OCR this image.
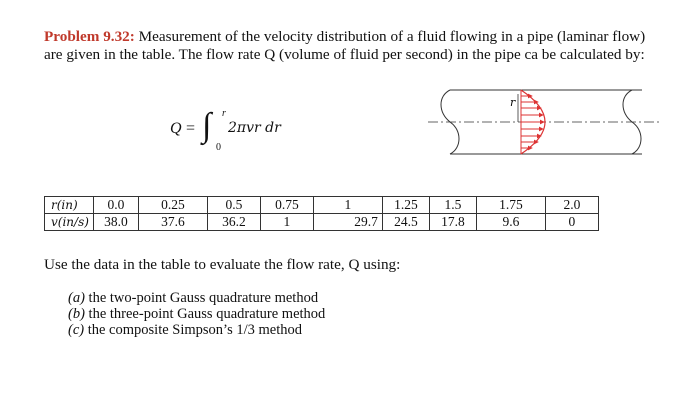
Problem 9.32: Measurement of the velocity distribution of a fluid flowing in a pipe (laminar flow) are given in the table. The flow rate Q (volume of fluid per second) in the pipe ca be calculated by:
Q = ∫ r
0
2πvr dr
r
r(in)	0.0	0.25	0.5	0.75	1	1.25	1.5	1.75	2.0
v(in/s)	38.0	37.6	36.2	1	29.7	24.5	17.8	9.6	0
Use the data in the table to evaluate the flow rate, Q using:
(a) the two-point Gauss quadrature method
(b) the three-point Gauss quadrature method
(c) the composite Simpson’s 1/3 method
